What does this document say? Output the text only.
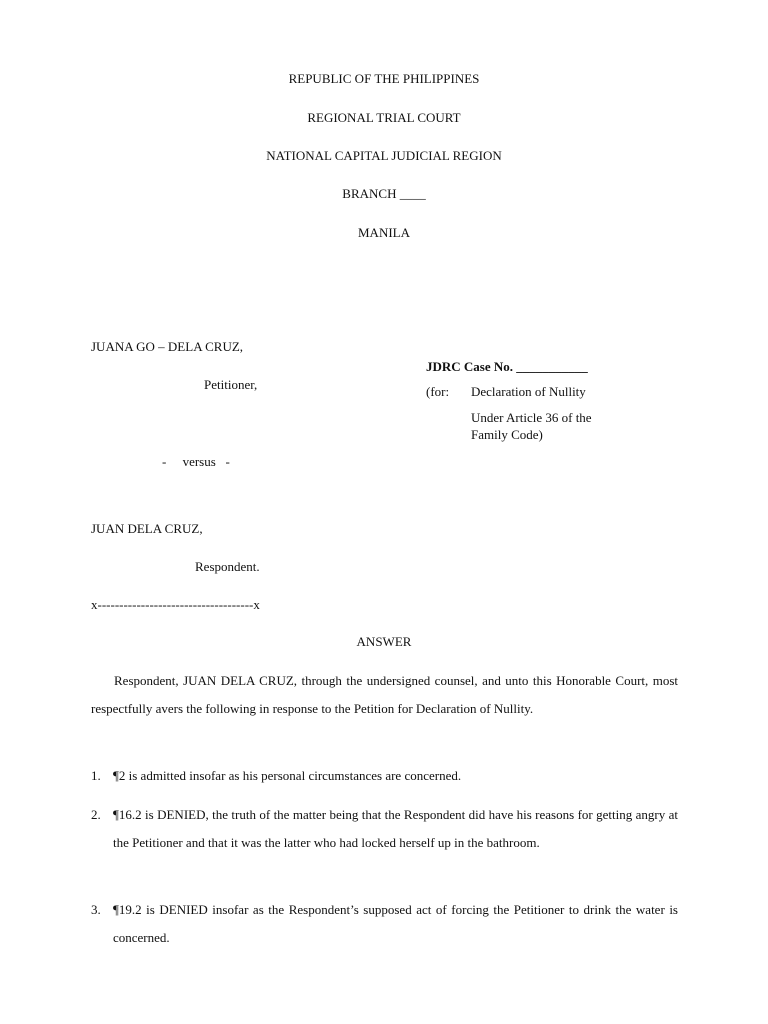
REPUBLIC OF THE PHILIPPINES
REGIONAL TRIAL COURT
NATIONAL CAPITAL JUDICIAL REGION
BRANCH ____
MANILA
JUANA GO – DELA CRUZ,
Petitioner,
-     versus   -
JUAN DELA CRUZ,
Respondent.
x------------------------------------x
JDRC Case No. ___________
(for: Declaration of Nullity
Under Article 36 of the
Family Code)
ANSWER
Respondent, JUAN DELA CRUZ, through the undersigned counsel, and unto this Honorable Court, most respectfully avers the following in response to the Petition for Declaration of Nullity.
1. ¶2 is admitted insofar as his personal circumstances are concerned.
2. ¶16.2 is DENIED, the truth of the matter being that the Respondent did have his reasons for getting angry at the Petitioner and that it was the latter who had locked herself up in the bathroom.
3. ¶19.2 is DENIED insofar as the Respondent’s supposed act of forcing the Petitioner to drink the water is concerned.
